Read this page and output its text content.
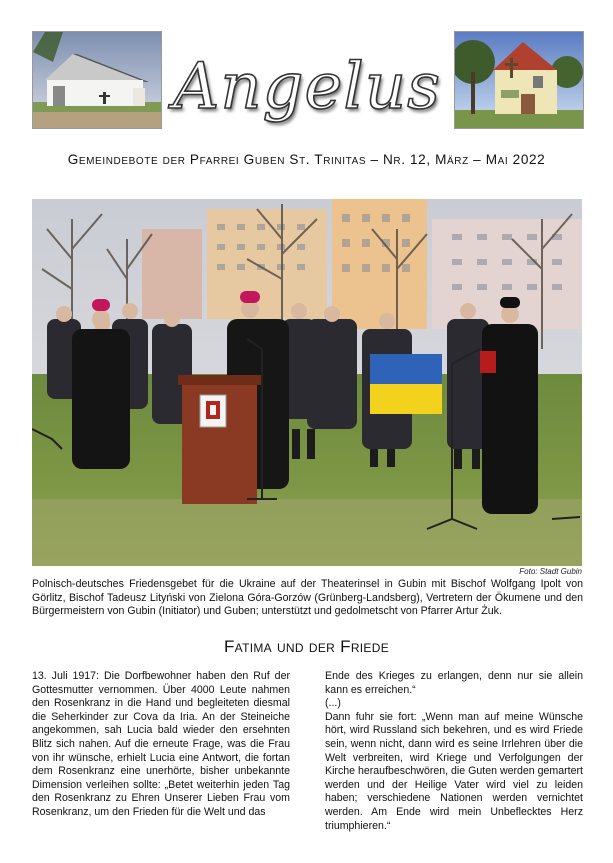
Angelus
Gemeindebote der Pfarrei Guben St. Trinitas – Nr. 12, März – Mai 2022
Foto: Stadt Gubin
Polnisch-deutsches Friedensgebet für die Ukraine auf der Theaterinsel in Gubin mit Bischof Wolfgang Ipolt von Görlitz, Bischof Tadeusz Lityński von Zielona Góra-Gorzów (Grünberg-Landsberg), Vertretern der Ökumene und den Bürgermeistern von Gubin (Initiator) und Guben; unterstützt und gedolmetscht von Pfarrer Artur Żuk.
Fatima und der Friede

13. Juli 1917: Die Dorfbewohner haben den Ruf der Gottesmutter vernommen. Über 4000 Leute nahmen den Rosenkranz in die Hand und begleiteten diesmal die Seherkinder zur Cova da Iria. An der Steineiche angekommen, sah Lucia bald wieder den ersehnten Blitz sich nahen. Auf die erneute Frage, was die Frau von ihr wünsche, erhielt Lucia eine Antwort, die fortan dem Rosenkranz eine unerhörte, bisher unbekannte Dimension verleihen sollte: „Betet weiterhin jeden Tag den Rosenkranz zu Ehren Unserer Lieben Frau vom Rosenkranz, um den Frieden für die Welt und das

Ende des Krieges zu erlangen, denn nur sie allein kann es erreichen.“

(...)

Dann fuhr sie fort: „Wenn man auf meine Wünsche hört, wird Russland sich bekehren, und es wird Friede sein, wenn nicht, dann wird es seine Irrlehren über die Welt verbreiten, wird Kriege und Verfolgungen der Kirche heraufbeschwören, die Guten werden gemartert werden und der Heilige Vater wird viel zu leiden haben; verschiedene Nationen werden vernichtet werden. Am Ende wird mein Unbeflecktes Herz triumphieren.“
